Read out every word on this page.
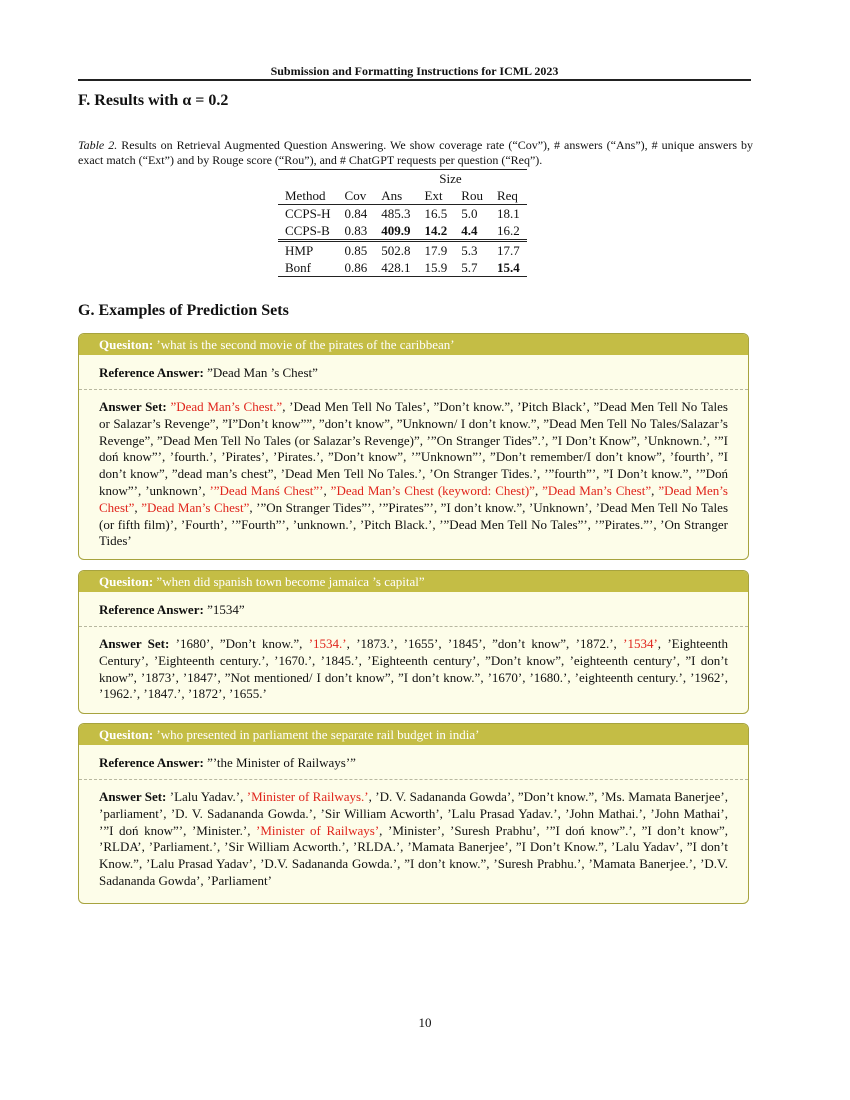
Submission and Formatting Instructions for ICML 2023
F. Results with α = 0.2
Table 2. Results on Retrieval Augmented Question Answering. We show coverage rate (“Cov”), # answers (“Ans”), # unique answers by exact match (“Ext”) and by Rouge score (“Rou”), and # ChatGPT requests per question (“Req”).
		Size			
Method	Cov	Ans	Ext	Rou	Req
CCPS-H	0.84	485.3	16.5	5.0	18.1
CCPS-B	0.83	409.9	14.2	4.4	16.2
HMP	0.85	502.8	17.9	5.3	17.7
Bonf	0.86	428.1	15.9	5.7	15.4
G. Examples of Prediction Sets
Quesiton: ’what is the second movie of the pirates of the caribbean’
Reference Answer: ”Dead Man ’s Chest”
Answer Set: ”Dead Man’s Chest.”, ’Dead Men Tell No Tales’, ”Don’t know.”, ’Pitch Black’, ”Dead Men Tell No Tales or Salazar’s Revenge”, ”I”Don’t know””, ”don’t know”, ”Unknown/ I don’t know.”, ”Dead Men Tell No Tales/Salazar’s Revenge”, ”Dead Men Tell No Tales (or Salazar’s Revenge)”, ’”On Stranger Tides”.’, ”I Don’t Know”, ’Unknown.’, ’”I doń know”’, ’fourth.’, ’Pirates’, ’Pirates.’, ”Don’t know”, ’”Unknown”’, ”Don’t remember/I don’t know”, ’fourth’, ”I don’t know”, ”dead man’s chest”, ’Dead Men Tell No Tales.’, ’On Stranger Tides.’, ’”fourth”’, ”I Don’t know.”, ’”Doń know”’, ’unknown’, ’”Dead Manś Chest”’, ”Dead Man’s Chest (keyword: Chest)”, ”Dead Man’s Chest”, ”Dead Men’s Chest”, ”Dead Man’s Chest”, ’”On Stranger Tides”’, ’”Pirates”’, ”I don’t know.”, ’Unknown’, ’Dead Men Tell No Tales (or fifth film)’, ’Fourth’, ’”Fourth”’, ’unknown.’, ’Pitch Black.’, ’”Dead Men Tell No Tales”’, ’”Pirates.”’, ’On Stranger Tides’
Quesiton: ”when did spanish town become jamaica ’s capital”
Reference Answer: ”1534”
Answer Set: ’1680’, ”Don’t know.”, ’1534.’, ’1873.’, ’1655’, ’1845’, ”don’t know”, ’1872.’, ’1534’, ’Eighteenth Century’, ’Eighteenth century.’, ’1670.’, ’1845.’, ’Eighteenth century’, ”Don’t know”, ’eighteenth century’, ”I don’t know”, ’1873’, ’1847’, ”Not mentioned/ I don’t know”, ”I don’t know.”, ’1670’, ’1680.’, ’eighteenth century.’, ’1962’, ’1962.’, ’1847.’, ’1872’, ’1655.’
Quesiton: ’who presented in parliament the separate rail budget in india’
Reference Answer: ”’the Minister of Railways’”
Answer Set: ’Lalu Yadav.’, ’Minister of Railways.’, ’D. V. Sadananda Gowda’, ”Don’t know.”, ’Ms. Mamata Banerjee’, ’parliament’, ’D. V. Sadananda Gowda.’, ’Sir William Acworth’, ’Lalu Prasad Yadav.’, ’John Mathai.’, ’John Mathai’, ’”I doń know”’, ’Minister.’, ’Minister of Railways’, ’Minister’, ’Suresh Prabhu’, ’”I doń know”.’, ”I don’t know”, ’RLDA’, ’Parliament.’, ’Sir William Acworth.’, ’RLDA.’, ’Mamata Banerjee’, ”I Don’t Know.”, ’Lalu Yadav’, ”I don’t Know.”, ’Lalu Prasad Yadav’, ’D.V. Sadananda Gowda.’, ”I don’t know.”, ’Suresh Prabhu.’, ’Mamata Banerjee.’, ’D.V. Sadananda Gowda’, ’Parliament’
10
